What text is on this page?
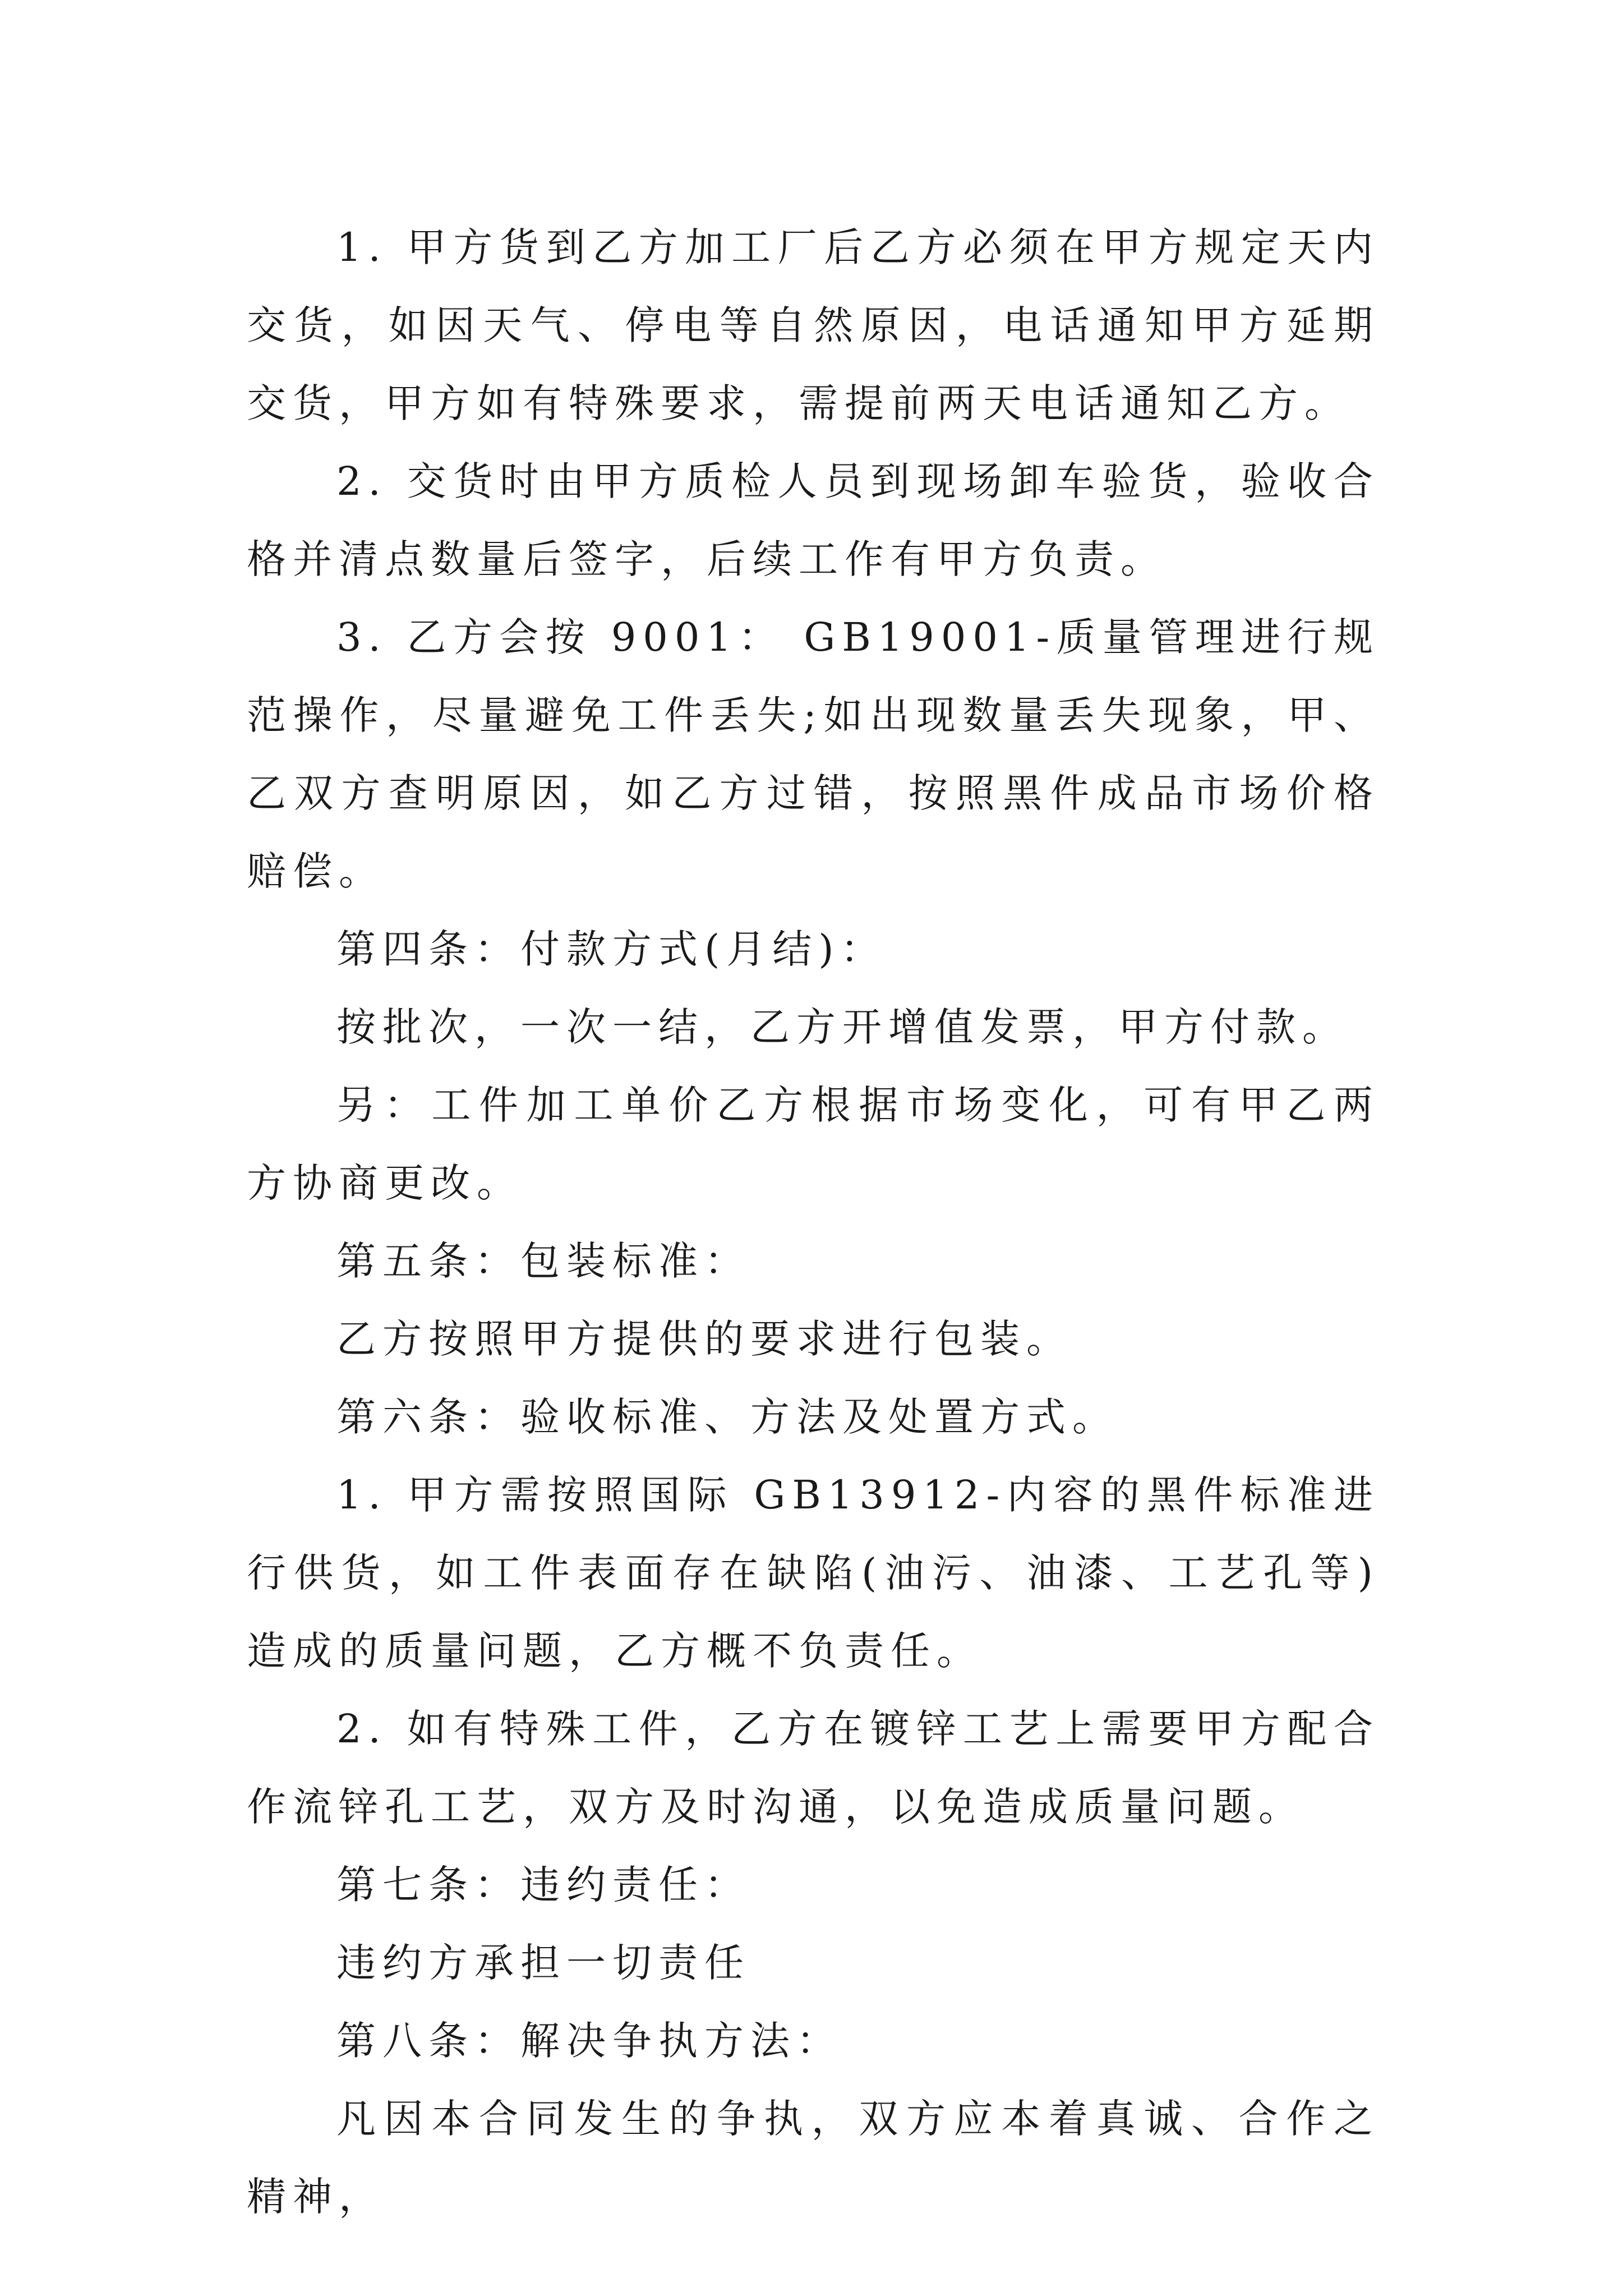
1. 甲方货到乙方加工厂后乙方必须在甲方规定天内交货，如因天气、停电等自然原因，电话通知甲方延期交货，甲方如有特殊要求，需提前两天电话通知乙方。

2. 交货时由甲方质检人员到现场卸车验货，验收合格并清点数量后签字，后续工作有甲方负责。

3. 乙方会按 9001： GB19001-质量管理进行规范操作，尽量避免工件丢失;如出现数量丢失现象，甲、乙双方查明原因，如乙方过错，按照黑件成品市场价格赔偿。

第四条：付款方式(月结)：

按批次，一次一结，乙方开增值发票，甲方付款。

另：工件加工单价乙方根据市场变化，可有甲乙两方协商更改。

第五条：包装标准：

乙方按照甲方提供的要求进行包装。

第六条：验收标准、方法及处置方式。

1. 甲方需按照国际 GB13912-内容的黑件标准进行供货，如工件表面存在缺陷(油污、油漆、工艺孔等)造成的质量问题，乙方概不负责任。

2. 如有特殊工件，乙方在镀锌工艺上需要甲方配合作流锌孔工艺，双方及时沟通，以免造成质量问题。

第七条：违约责任：

违约方承担一切责任

第八条：解决争执方法：

凡因本合同发生的争执，双方应本着真诚、合作之精神，
